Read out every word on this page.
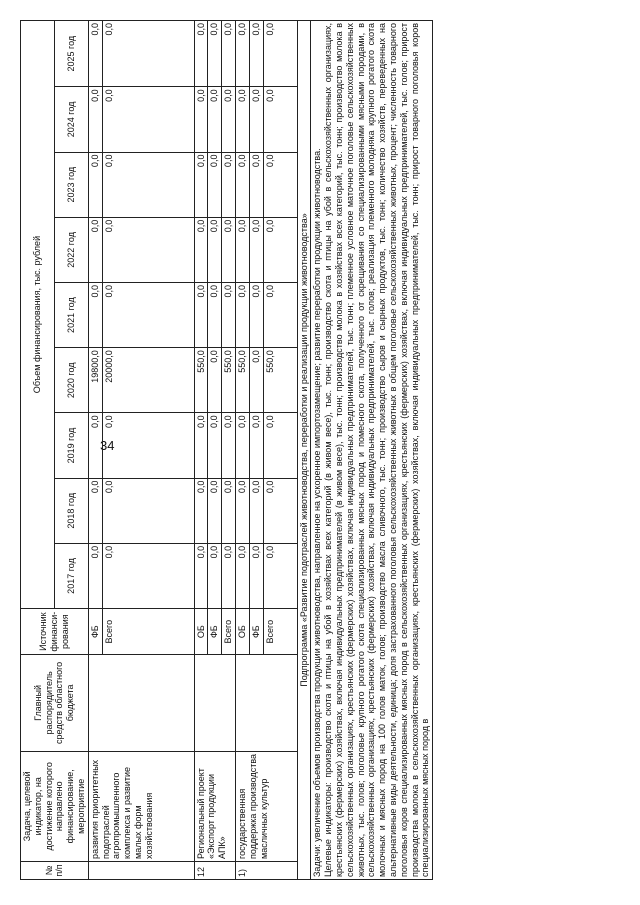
34
№ п/п	Задача, целевой индикатор, на достижение которого направлено финансирование, мероприятие	Главный распорядитель средств областного бюджета	Источник финанси-рования	Объем финансирования, тыс. рублей								
				2017 год	2018 год	2019 год	2020 год	2021 год	2022 год	2023 год	2024 год	2025 год
	развития приоритетных подотраслей агропромышленного комплекса и развитие малых форм хозяйствования		ФБ	0,0	0,0	0,0	19800,0	0,0	0,0	0,0	0,0	0,0
			Всего	0,0	0,0	0,0	20000,0	0,0	0,0	0,0	0,0	0,0
12	Региональный проект «Экспорт продукции АПК»		ОБ	0,0	0,0	0,0	550,0	0,0	0,0	0,0	0,0	0,0
			ФБ	0,0	0,0	0,0	0,0	0,0	0,0	0,0	0,0	0,0
			Всего	0,0	0,0	0,0	550,0	0,0	0,0	0,0	0,0	0,0
1)	государственная поддержка производства масличных культур		ОБ	0,0	0,0	0,0	550,0	0,0	0,0	0,0	0,0	0,0
			ФБ	0,0	0,0	0,0	0,0	0,0	0,0	0,0	0,0	0,0
			Всего	0,0	0,0	0,0	550,0	0,0	0,0	0,0	0,0	0,0
Подпрограмма «Развитие подотраслей животноводства, переработки и реализации продукции животноводства»												

Задачи: увеличение объемов производства продукции животноводства, направленное на ускоренное импортозамещение; развитие переработки продукции животноводства. Целевые индикаторы: производство скота и птицы на убой в хозяйствах всех категорий (в живом весе), тыс. тонн; производство скота и птицы на убой в сельскохозяйственных организациях, крестьянских (фермерских) хозяйствах, включая индивидуальных предпринимателей (в живом весе), тыс. тонн; производство молока в хозяйствах всех категорий, тыс. тонн; производство молока в сельскохозяйственных организациях, крестьянских (фермерских) хозяйствах, включая индивидуальных предпринимателей, тыс. тонн; племенное условное маточное поголовье сельскохозяйственных животных, тыс. голов; поголовье крупного рогатого скота специализированных мясных пород и помесного скота, полученного от скрещивания со специализированными мясными породами, в сельскохозяйственных организациях, крестьянских (фермерских) хозяйствах, включая индивидуальных предпринимателей, тыс. голов; реализация племенного молодняка крупного рогатого скота молочных и мясных пород на 100 голов маток, голов; производство масла сливочного, тыс. тонн; производство сыров и сырных продуктов, тыс. тонн; количество хозяйств, переведенных на альтернативные виды деятельности, единица; доля застрахованного поголовья сельскохозяйственных животных в общем поголовье сельскохозяйственных животных, процент; численность товарного поголовья коров специализированных мясных пород в сельскохозяйственных организациях, крестьянских (фермерских) хозяйствах, включая индивидуальных предпринимателей, тыс. голов; прирост производства молока в сельскохозяйственных организациях, крестьянских (фермерских) хозяйствах, включая индивидуальных предпринимателей, тыс. тонн; прирост товарного поголовья коров специализированных мясных пород в												
